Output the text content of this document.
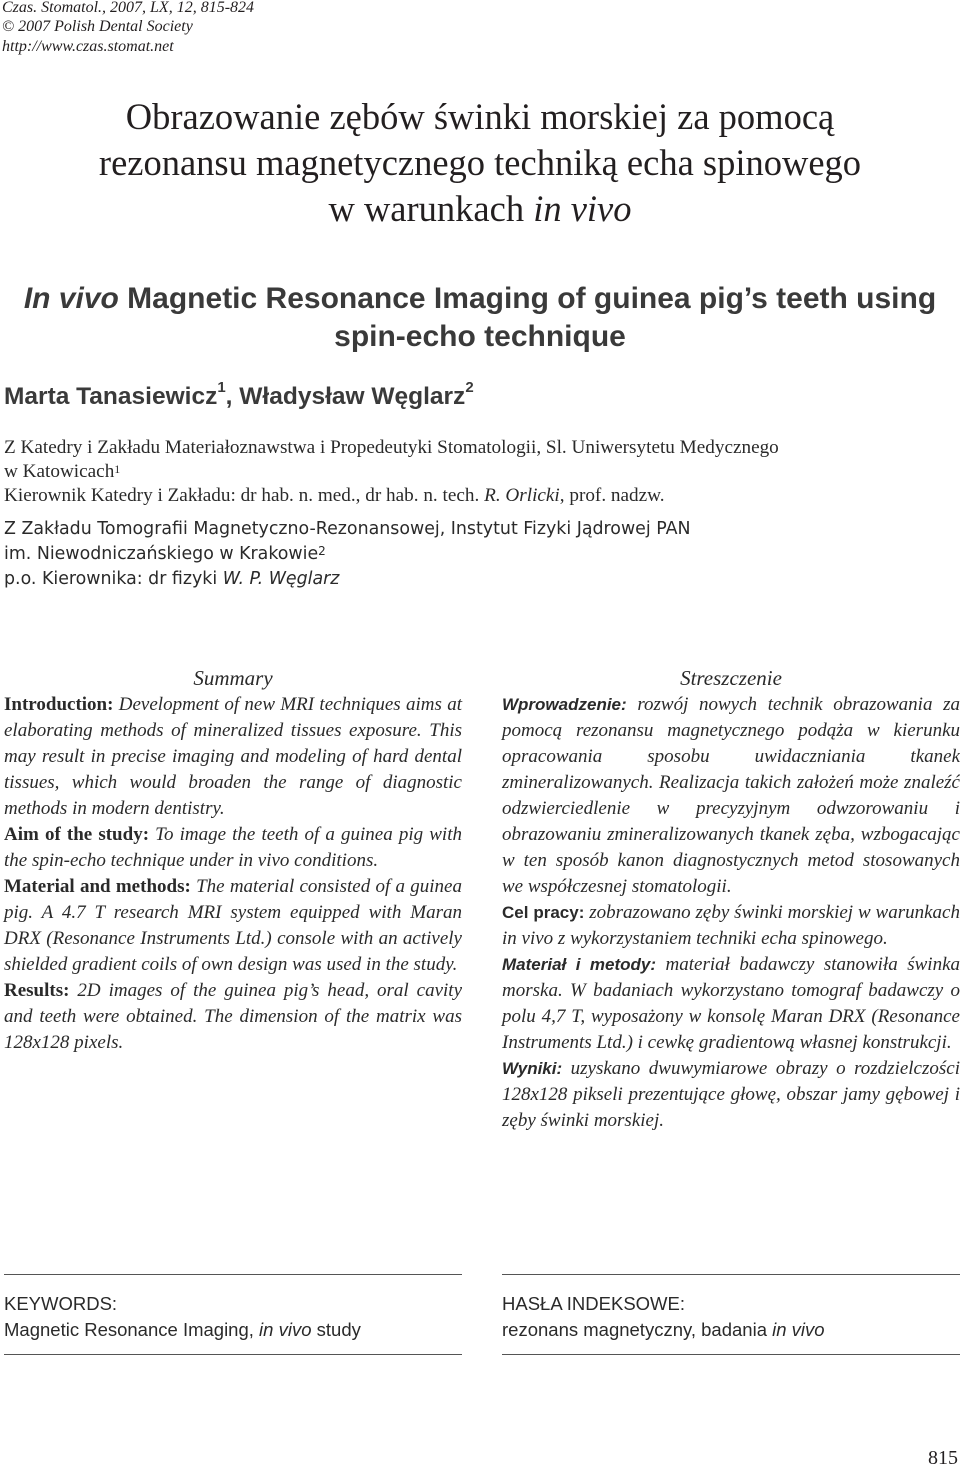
Czas. Stomatol., 2007, LX, 12, 815-824
© 2007 Polish Dental Society
http://www.czas.stomat.net
Obrazowanie zębów świnki morskiej za pomocą
rezonansu magnetycznego techniką echa spinowego
w warunkach in vivo
In vivo Magnetic Resonance Imaging of guinea pig’s teeth using
spin-echo technique
Marta Tanasiewicz$^1$, Władysław Węglarz$^2$
Z Katedry i Zakładu Materiałoznawstwa i Propedeutyki Stomatologii, Sl. Uniwersytetu Medycznego
w Katowicach$^1$
Kierownik Katedry i Zakładu: dr hab. n. med., dr hab. n. tech. R. Orlicki, prof. nadzw.
Z Zakładu Tomografii Magnetyczno-Rezonansowej, Instytut Fizyki Jądrowej PAN
im. Niewodniczańskiego w Krakowie$^2$
p.o. Kierownika: dr fizyki W. P. Węglarz
Summary

Introduction: Development of new MRI techniques aims at elaborating methods of mineralized tissues exposure. This may result in precise imaging and modeling of hard dental tissues, which would broaden the range of diagnostic methods in modern dentistry.

Aim of the study: To image the teeth of a guinea pig with the spin-echo technique under in vivo conditions.

Material and methods: The material consisted of a guinea pig. A 4.7 T research MRI system equipped with Maran DRX (Resonance Instruments Ltd.) console with an actively shielded gradient coils of own design was used in the study.

Results: 2D images of the guinea pig’s head, oral cavity and teeth were obtained. The dimension of the matrix was 128x128 pixels.

Streszczenie

Wprowadzenie: rozwój nowych technik obrazowania za pomocą rezonansu magnetycznego podąża w kierunku opracowania sposobu uwidaczniania tkanek zmineralizowanych. Realizacja takich założeń może znaleźć odzwierciedlenie w precyzyjnym odwzorowaniu i obrazowaniu zmineralizowanych tkanek zęba, wzbogacając w ten sposób kanon diagnostycznych metod stosowanych we współczesnej stomatologii.

Cel pracy: zobrazowano zęby świnki morskiej w warunkach in vivo z wykorzystaniem techniki echa spinowego.

Materiał i metody: materiał badawczy stanowiła świnka morska. W badaniach wykorzystano tomograf badawczy o polu 4,7 T, wyposażony w konsolę Maran DRX (Resonance Instruments Ltd.) i cewkę gradientową własnej konstrukcji.

Wyniki: uzyskano dwuwymiarowe obrazy o rozdzielczości 128x128 pikseli prezentujące głowę, obszar jamy gębowej i zęby świnki morskiej.

KEYWORDS:
Magnetic Resonance Imaging, in vivo study
HASŁA INDEKSOWE:
rezonans magnetyczny, badania in vivo
815
